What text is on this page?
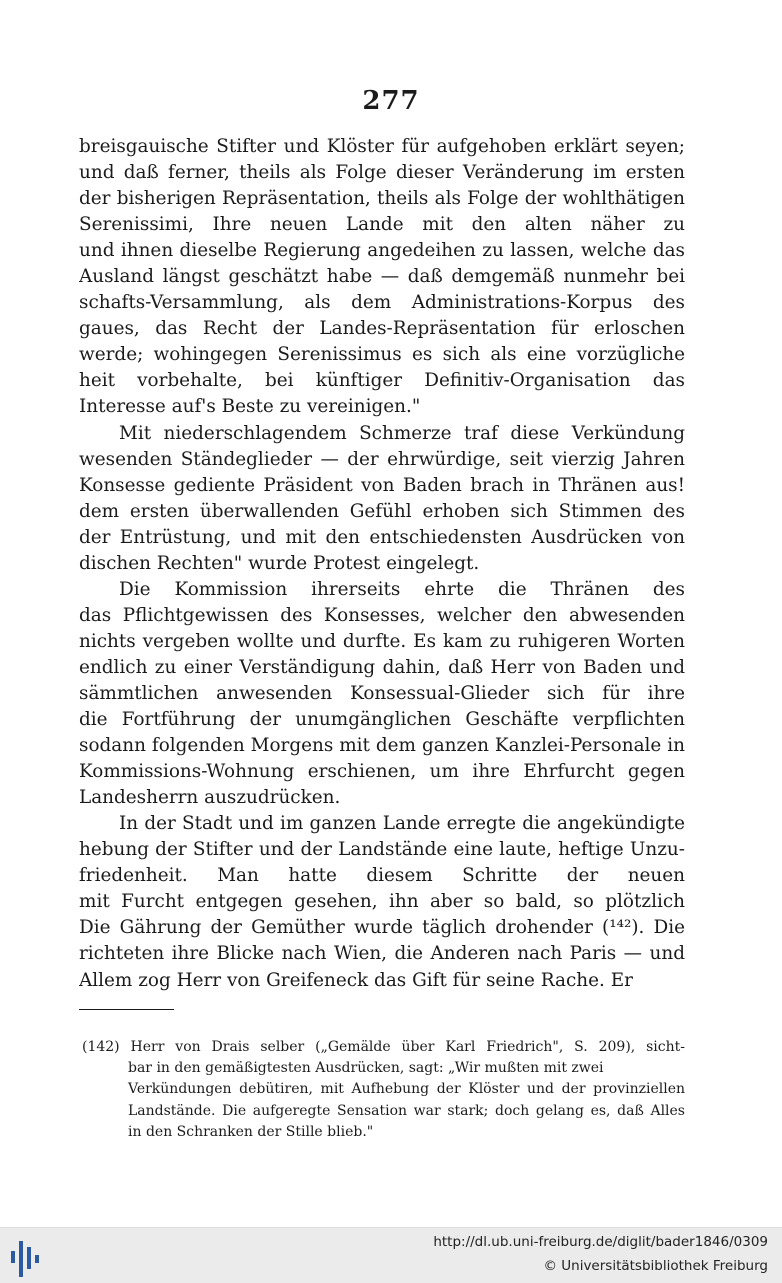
277
breisgauische Stifter und Klöster für aufgehoben erklärt seyen;
und daß ferner, theils als Folge dieser Veränderung im ersten
der bisherigen Repräsentation, theils als Folge der wohlthätigen
Serenissimi, Ihre neuen Lande mit den alten näher zu
und ihnen dieselbe Regierung angedeihen zu lassen, welche das
Ausland längst geschätzt habe — daß demgemäß nunmehr bei
schafts-Versammlung, als dem Administrations-Korpus des
gaues, das Recht der Landes-Repräsentation für erloschen
werde; wohingegen Serenissimus es sich als eine vorzügliche
heit vorbehalte, bei künftiger Definitiv-Organisation das
Interesse auf's Beste zu vereinigen."
Mit niederschlagendem Schmerze traf diese Verkündung
wesenden Ständeglieder — der ehrwürdige, seit vierzig Jahren
Konsesse gediente Präsident von Baden brach in Thränen aus!
dem ersten überwallenden Gefühl erhoben sich Stimmen des
der Entrüstung, und mit den entschiedensten Ausdrücken von
dischen Rechten" wurde Protest eingelegt.
Die Kommission ihrerseits ehrte die Thränen des
das Pflichtgewissen des Konsesses, welcher den abwesenden
nichts vergeben wollte und durfte. Es kam zu ruhigeren Worten
endlich zu einer Verständigung dahin, daß Herr von Baden und
sämmtlichen anwesenden Konsessual-Glieder sich für ihre
die Fortführung der unumgänglichen Geschäfte verpflichten
sodann folgenden Morgens mit dem ganzen Kanzlei-Personale in
Kommissions-Wohnung erschienen, um ihre Ehrfurcht gegen
Landesherrn auszudrücken.
In der Stadt und im ganzen Lande erregte die angekündigte
hebung der Stifter und der Landstände eine laute, heftige Unzu-
friedenheit. Man hatte diesem Schritte der neuen
mit Furcht entgegen gesehen, ihn aber so bald, so plötzlich
Die Gährung der Gemüther wurde täglich drohender (¹⁴²). Die
richteten ihre Blicke nach Wien, die Anderen nach Paris — und
Allem zog Herr von Greifeneck das Gift für seine Rache. Er
(142) Herr von Drais selber („Gemälde über Karl Friedrich", S. 209), sicht-
bar in den gemäßigtesten Ausdrücken, sagt: „Wir mußten mit zwei
Verkündungen debütiren, mit Aufhebung der Klöster und der provinziellen
Landstände. Die aufgeregte Sensation war stark; doch gelang es, daß Alles
in den Schranken der Stille blieb."
http://dl.ub.uni-freiburg.de/diglit/bader1846/0309
© Universitätsbibliothek Freiburg
